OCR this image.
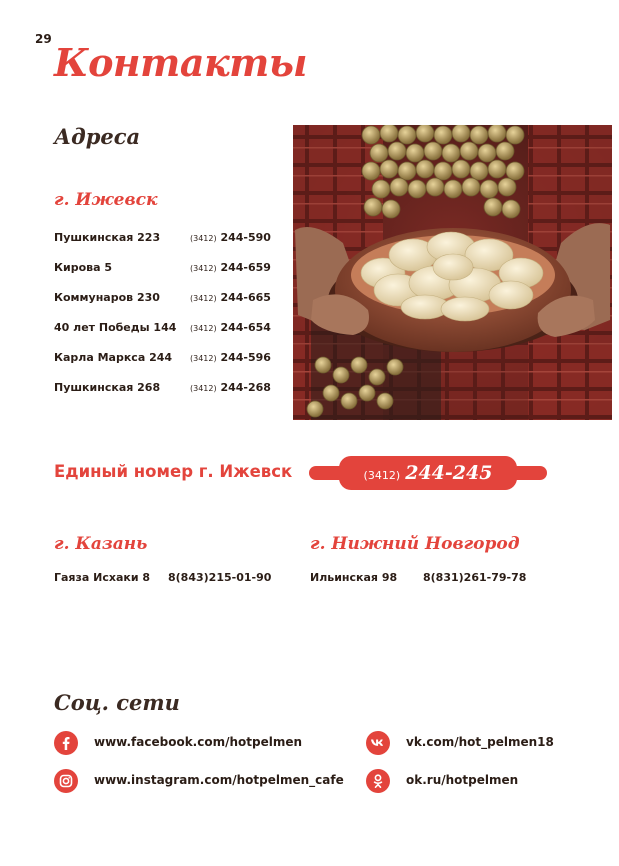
29
Контакты
Адреса
г. Ижевск
Пушкинская 223	(3412) 244-590
Кирова 5	(3412) 244-659
Коммунаров 230	(3412) 244-665
40 лет Победы 144 (3412) 244-654
Карла Маркса 244 (3412) 244-596
Пушкинская 268	(3412) 244-268
Единый номер г. Ижевск	(3412) 244-245
г. Казань
Гаяза Исхаки 8 8(843)215-01-90
г. Нижний Новгород
Ильинская 98 8(831)261-79-78
Соц. сети
www.facebook.com/hotpelmen
www.instagram.com/hotpelmen_cafe
vk.com/hot_pelmen18
ok.ru/hotpelmen
